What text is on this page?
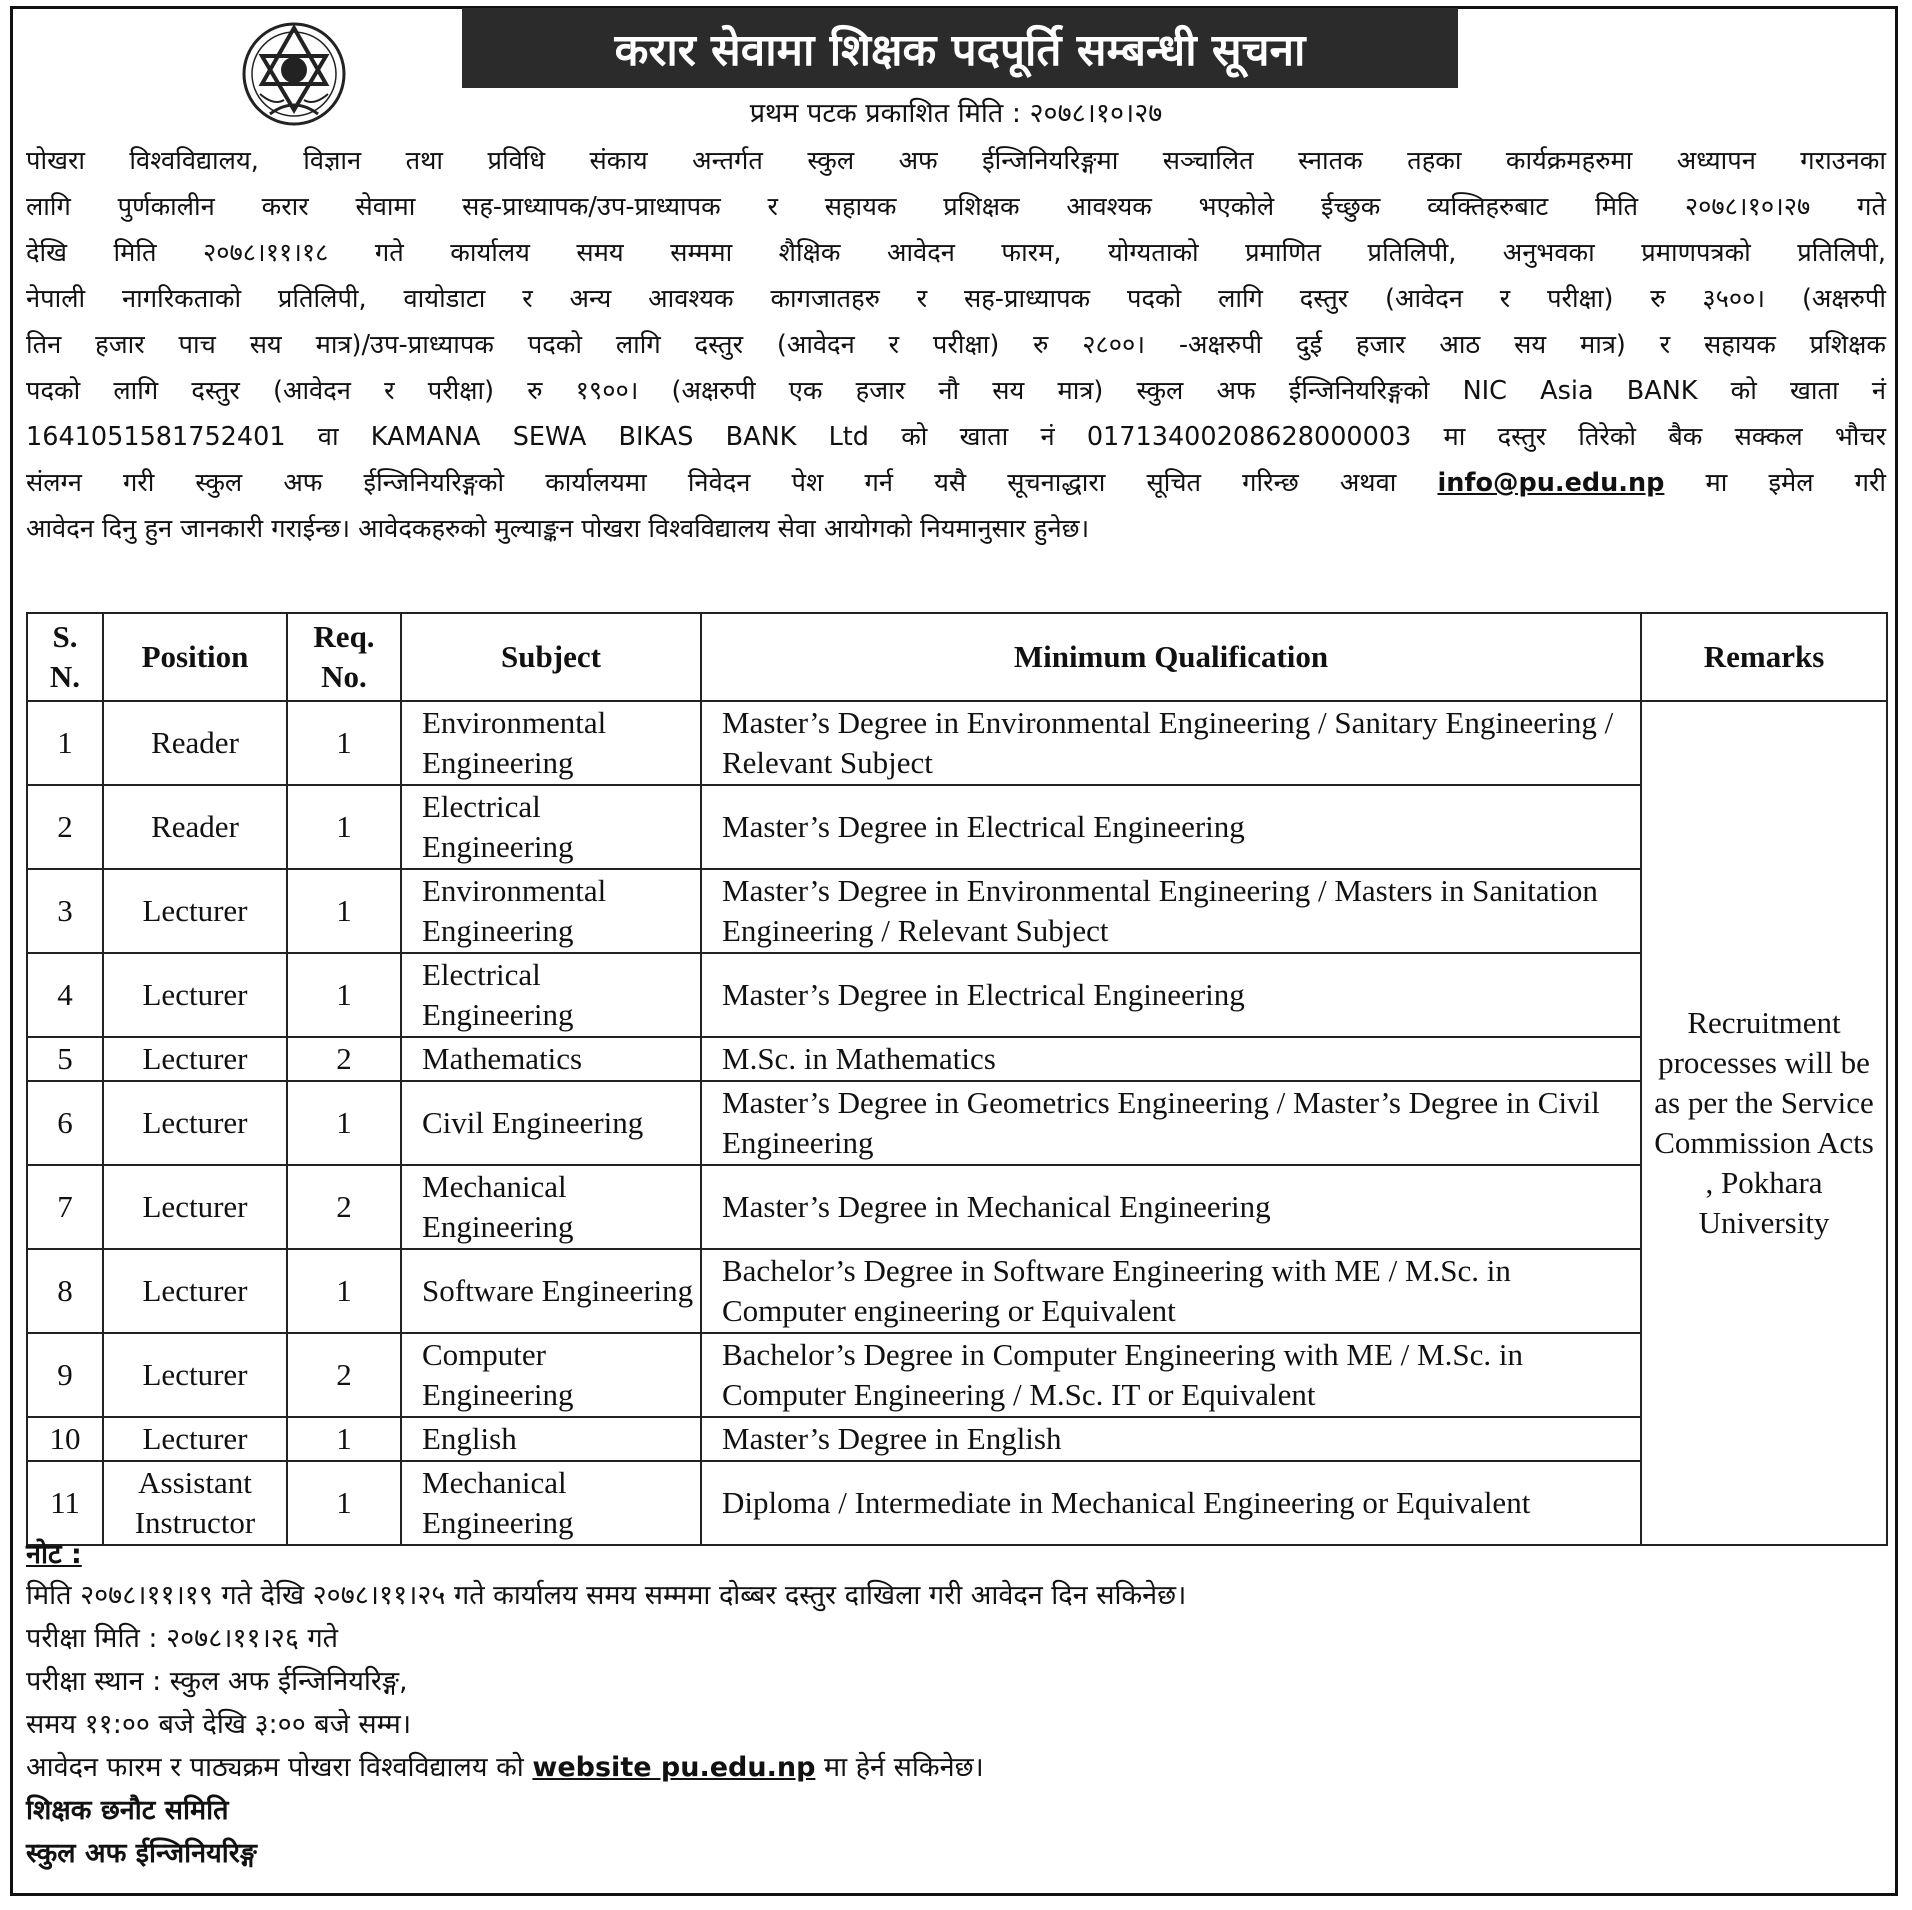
करार सेवामा शिक्षक पदपूर्ति सम्बन्धी सूचना
प्रथम पटक प्रकाशित मिति : २०७८।१०।२७
पोखरा विश्वविद्यालय, विज्ञान तथा प्रविधि संकाय अन्तर्गत स्कुल अफ ईन्जिनियरिङ्गमा सञ्चालित स्नातक तहका कार्यक्रमहरुमा अध्यापन गराउनका
लागि पुर्णकालीन करार सेवामा सह-प्राध्यापक/उप-प्राध्यापक र सहायक प्रशिक्षक आवश्यक भएकोले ईच्छुक व्यक्तिहरुबाट मिति २०७८।१०।२७ गते
देखि मिति २०७८।११।१८ गते कार्यालय समय सम्ममा शैक्षिक आवेदन फारम, योग्यताको प्रमाणित प्रतिलिपी, अनुभवका प्रमाणपत्रको प्रतिलिपी,
नेपाली नागरिकताको प्रतिलिपी, वायोडाटा र अन्य आवश्यक कागजातहरु र सह-प्राध्यापक पदको लागि दस्तुर (आवेदन र परीक्षा) रु ३५००। (अक्षरुपी
तिन हजार पाच सय मात्र)/उप-प्राध्यापक पदको लागि दस्तुर (आवेदन र परीक्षा) रु २८००। -अक्षरुपी दुई हजार आठ सय मात्र) र सहायक प्रशिक्षक
पदको लागि दस्तुर (आवेदन र परीक्षा) रु १९००। (अक्षरुपी एक हजार नौ सय मात्र) स्कुल अफ ईन्जिनियरिङ्गको NIC Asia BANK को खाता नं
1641051581752401 वा KAMANA SEWA BIKAS BANK Ltd को खाता नं 01713400208628000003 मा दस्तुर तिरेको बैक सक्कल भौचर
संलग्न गरी स्कुल अफ ईन्जिनियरिङ्गको कार्यालयमा निवेदन पेश गर्न यसै सूचनाद्धारा सूचित गरिन्छ अथवा info@pu.edu.np मा इमेल गरी
आवेदन दिनु हुन जानकारी गराईन्छ। आवेदकहरुको मुल्याङ्कन पोखरा विश्वविद्यालय सेवा आयोगको नियमानुसार हुनेछ।
S. N.	Position	Req. No.	Subject	Minimum Qualification	Remarks
1	Reader	1	Environmental Engineering	Master’s Degree in Environmental Engineering / Sanitary Engineering / Relevant Subject	Recruitment processes will be as per the Service Commission Acts , Pokhara University
2	Reader	1	Electrical Engineering	Master’s Degree in Electrical Engineering	
3	Lecturer	1	Environmental Engineering	Master’s Degree in Environmental Engineering / Masters in Sanitation Engineering / Relevant Subject	
4	Lecturer	1	Electrical Engineering	Master’s Degree in Electrical Engineering	
5	Lecturer	2	Mathematics	M.Sc. in Mathematics	
6	Lecturer	1	Civil Engineering	Master’s Degree in Geometrics Engineering / Master’s Degree in Civil Engineering	
7	Lecturer	2	Mechanical Engineering	Master’s Degree in Mechanical Engineering	
8	Lecturer	1	Software Engineering	Bachelor’s Degree in Software Engineering with ME / M.Sc. in Computer engineering or Equivalent	
9	Lecturer	2	Computer Engineering	Bachelor’s Degree in Computer Engineering with ME / M.Sc. in Computer Engineering / M.Sc. IT or Equivalent	
10	Lecturer	1	English	Master’s Degree in English	
11	Assistant Instructor	1	Mechanical Engineering	Diploma / Intermediate in Mechanical Engineering or Equivalent	
नोट :
मिति २०७८।११।१९ गते देखि २०७८।११।२५ गते कार्यालय समय सम्ममा दोब्बर दस्तुर दाखिला गरी आवेदन दिन सकिनेछ।
परीक्षा मिति : २०७८।११।२६ गते
परीक्षा स्थान : स्कुल अफ ईन्जिनियरिङ्ग,
समय ११:०० बजे देखि ३:०० बजे सम्म।
आवेदन फारम र पाठ्यक्रम पोखरा विश्वविद्यालय को website pu.edu.np मा हेर्न सकिनेछ।
शिक्षक छनौट समिति
स्कुल अफ ईन्जिनियरिङ्ग
